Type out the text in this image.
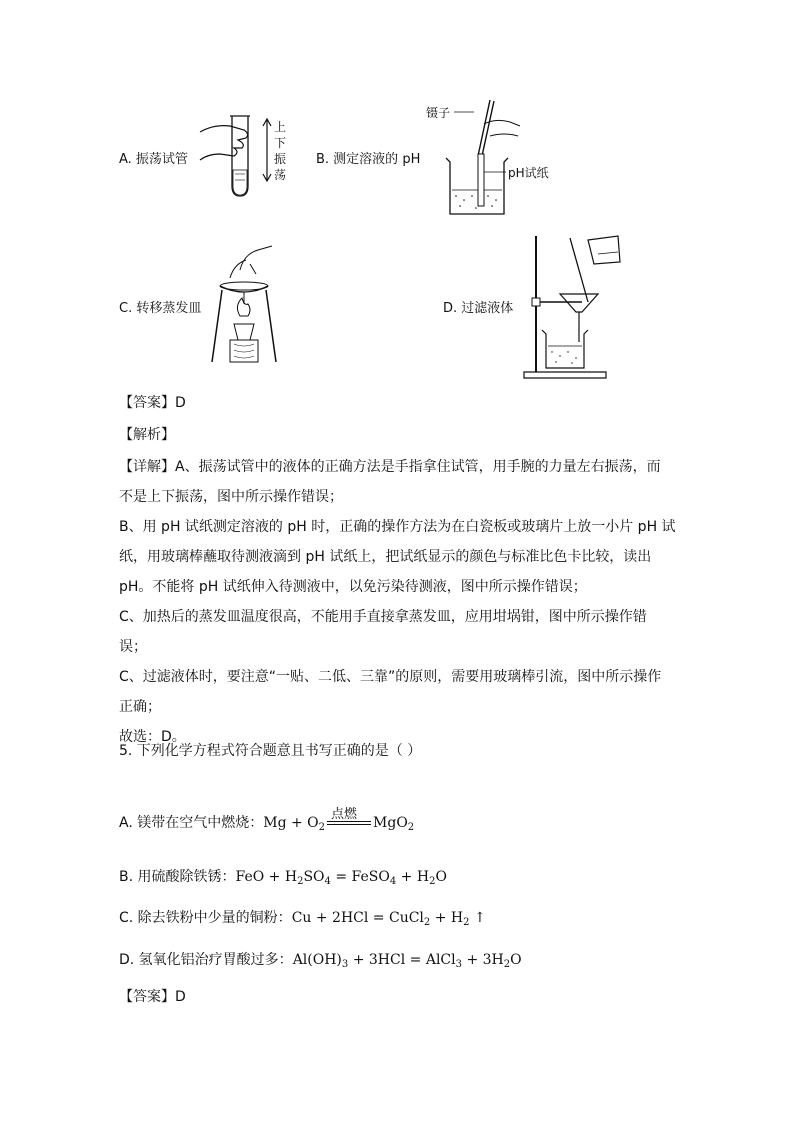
A. 振荡试管
上
下
振
荡
B. 测定溶液的 pH
镊子
pH试纸
C. 转移蒸发皿	D. 过滤液体
【答案】D
【解析】
【详解】A、振荡试管中的液体的正确方法是手指拿住试管，用手腕的力量左右振荡，而
不是上下振荡，图中所示操作错误；
B、用 pH 试纸测定溶液的 pH 时，正确的操作方法为在白瓷板或玻璃片上放一小片 pH 试
纸，用玻璃棒蘸取待测液滴到 pH 试纸上，把试纸显示的颜色与标准比色卡比较，读出
pH。不能将 pH 试纸伸入待测液中，以免污染待测液，图中所示操作错误；
C、加热后的蒸发皿温度很高，不能用手直接拿蒸发皿，应用坩埚钳，图中所示操作错
误；
C、过滤液体时，要注意“一贴、二低、三靠”的原则，需要用玻璃棒引流，图中所示操作
正确；
故选：D。
5. 下列化学方程式符合题意且书写正确的是（ ）
A. 镁带在空气中燃烧：$Mg + O_2$
点燃
MgO$_2$
B. 用硫酸除铁锈：FeO + $H_2SO_4$ = FeSO$_4$ + $H_2O$
C. 除去铁粉中少量的铜粉：Cu + 2HCl = CuCl$_2$ + $H_2$ ↑
D. 氢氧化铝治疗胃酸过多：$Al(OH)_3 + 3HCl$ = AlCl$_3$ + $3H_2O$
【答案】D
